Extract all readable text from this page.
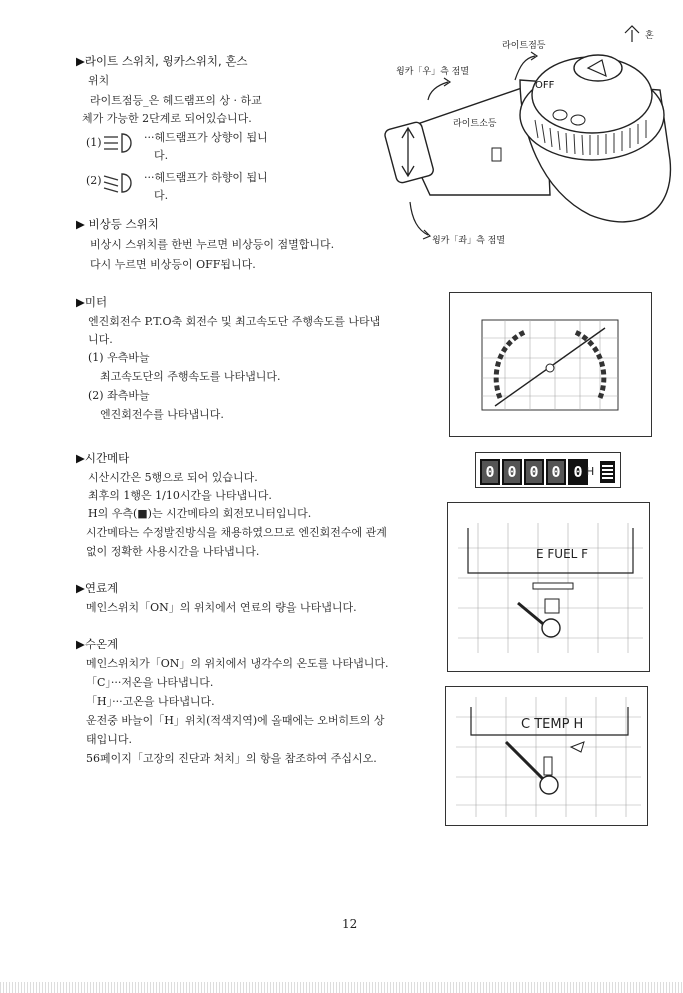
▶라이트 스위치, 윙카스위치, 혼스
위치
라이트점등_은 헤드램프의 상 · 하교
체가 가능한 2단계로 되어있습니다.
(1)	···헤드램프가 상향이 됩니
다.
(2)	···헤드램프가 하향이 됩니
다.
▶ 비상등 스위치
비상시 스위치를 한번 누르면 비상등이 점멸합니다.
다시 누르면 비상등이 OFF됩니다.
▶미터
엔진회전수 P.T.O축 회전수 및 최고속도단 주행속도를 나타냅
니다.
(1) 우측바늘
최고속도단의 주행속도를 나타냅니다.
(2) 좌측바늘
엔진회전수를 나타냅니다.
▶시간메타
시산시간은 5행으로 되어 있습니다.
최후의 1행은 1/10시간을 나타냅니다.
H의 우측(■)는 시간메타의 회전모니터입니다.
시간메타는 수정발진방식을 채용하였으므로 엔진회전수에 관계
없이 정확한 사용시간을 나타냅니다.
▶연료계
메인스위치「ON」의 위치에서 연료의 량을 나타냅니다.
▶수온계
메인스위치가「ON」의 위치에서 냉각수의 온도를 나타냅니다.
「C」···저온을 나타냅니다.
「H」···고온을 나타냅니다.
운전중 바늘이「H」위치(적색지역)에 올때에는 오버히트의 상
태입니다.
56페이지「고장의 진단과 처치」의 항을 참조하여 주십시오.
혼
라이트점등
윙카「우」측 점멸
OFF
라이트소등
윙카「좌」측 점멸
0 0 0 0 0 H
E FUEL F
C TEMP H
12
